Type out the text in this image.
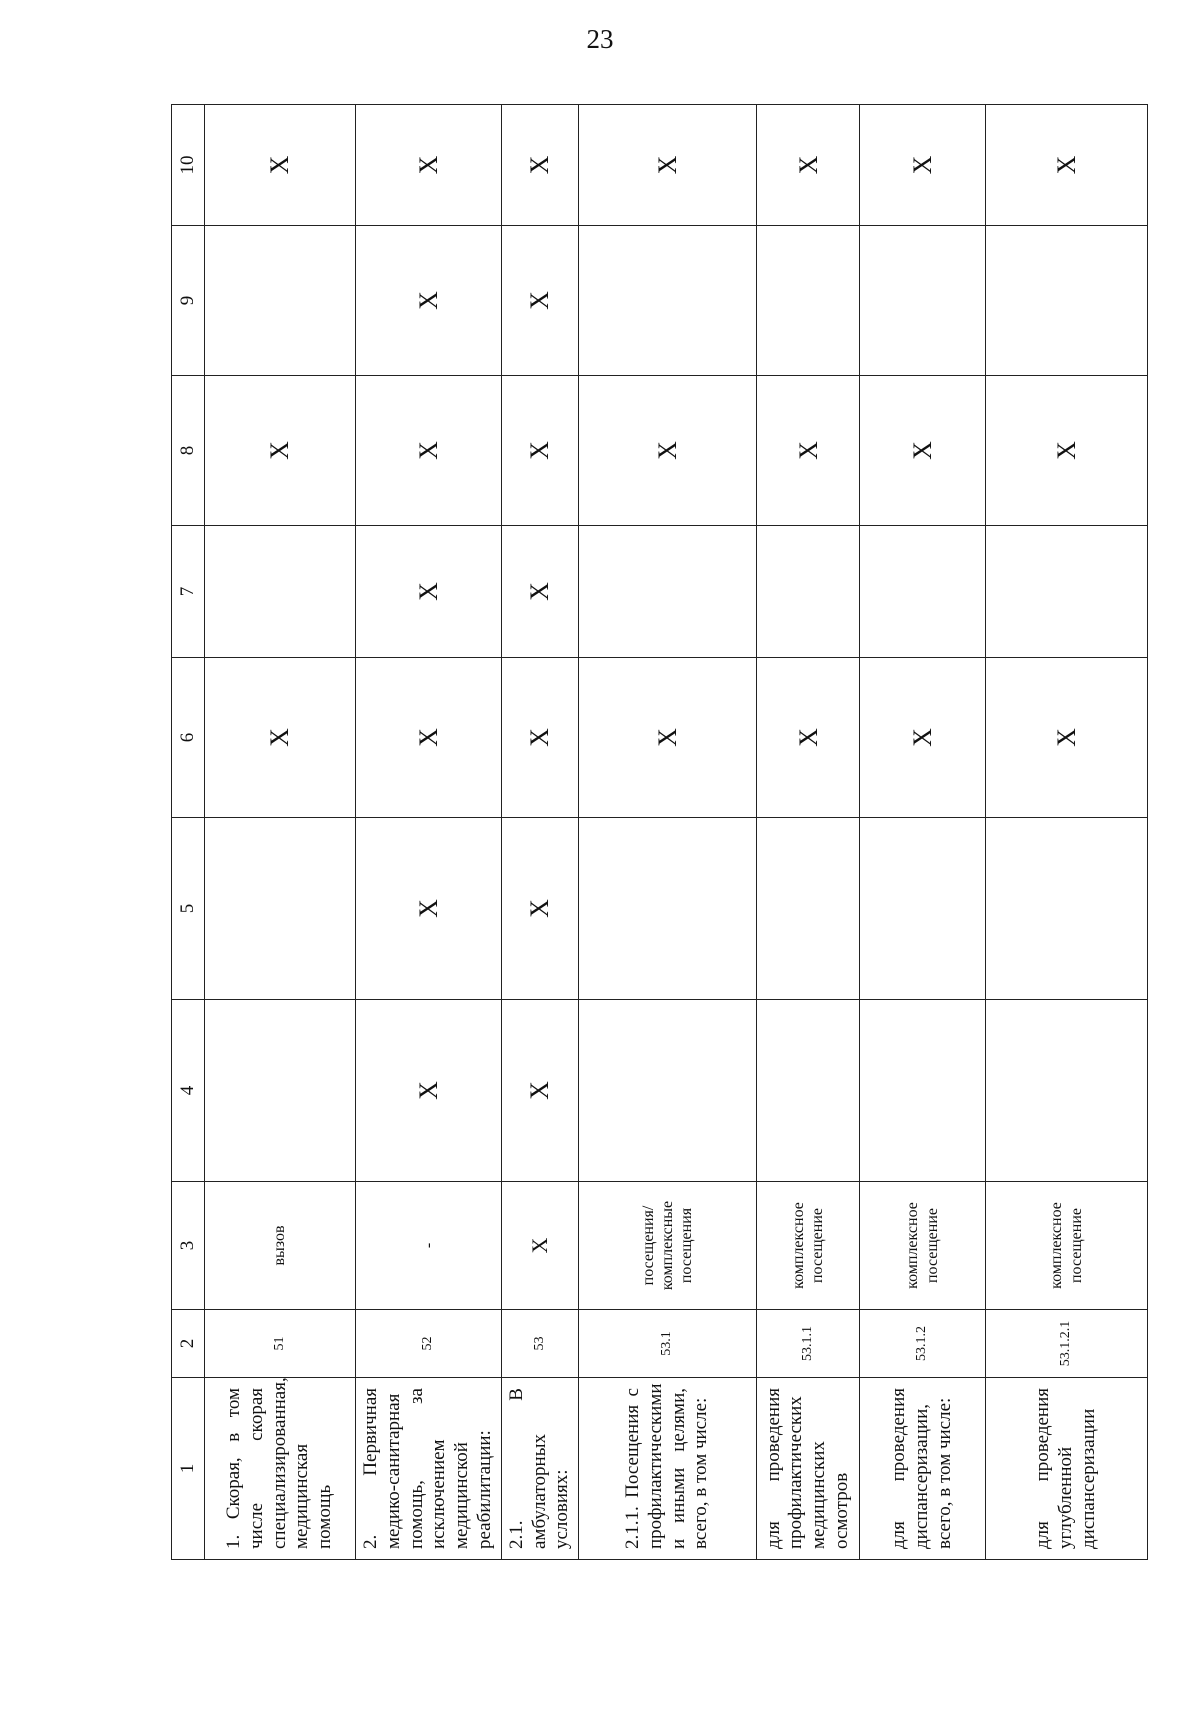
23
1	2	3	4	5	6	7	8	9	10
1. Скорая, в том числе скорая специализированная, медицинская помощь	51	вызов			X		X		X
2. Первичная медико-санитарная помощь, за исключением медицинской реабилитации:	52	-	X	X	X	X	X	X	X
2.1. В амбулаторных условиях:	53	X	X	X	X	X	X	X	X
2.1.1. Посещения с профилактическими и иными целями, всего, в том числе:	53.1	посещения/комплексные посещения			X		X		X
для проведения профилактических медицинских осмотров	53.1.1	комплексное посещение			X		X		X
для проведения диспансеризации, всего, в том числе:	53.1.2	комплексное посещение			X		X		X
для проведения углубленной диспансеризации	53.1.2.1	комплексное посещение			X		X		X
